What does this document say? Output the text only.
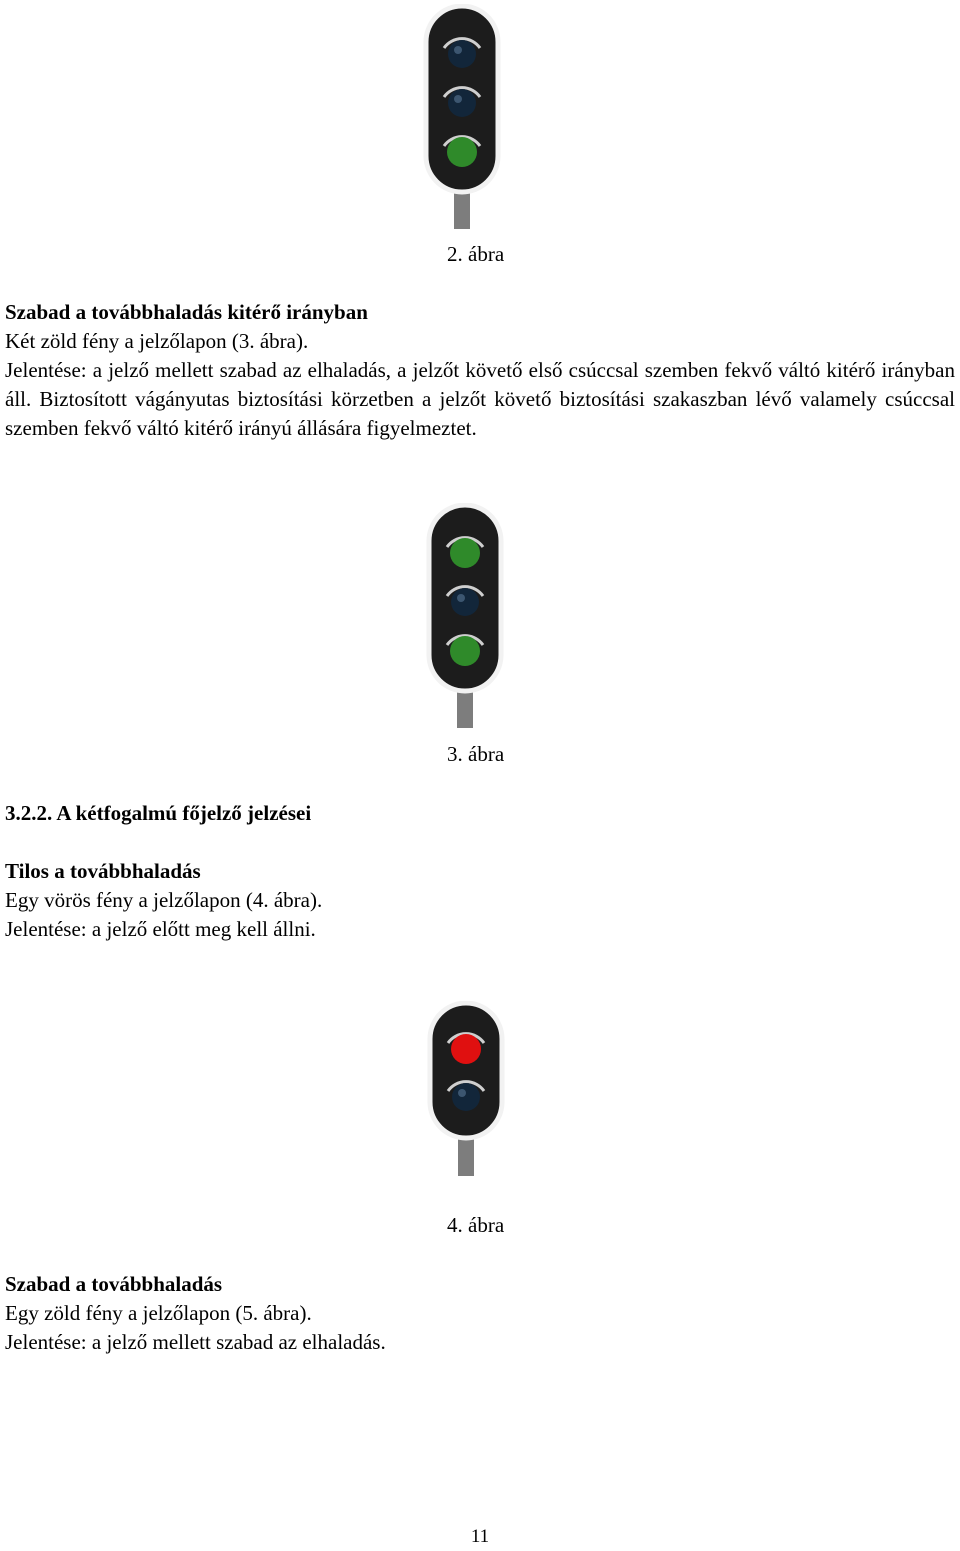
2. ábra

Szabad a továbbhaladás kitérő irányban

Két zöld fény a jelzőlapon (3. ábra).

Jelentése: a jelző mellett szabad az elhaladás, a jelzőt követő első csúccsal szemben fekvő váltó kitérő irányban áll. Biztosított vágányutas biztosítási körzetben a jelzőt követő biztosítási szakaszban lévő valamely csúccsal szemben fekvő váltó kitérő irányú állására figyelmeztet.

3. ábra

3.2.2. A kétfogalmú főjelző jelzései

Tilos a továbbhaladás

Egy vörös fény a jelzőlapon (4. ábra).

Jelentése: a jelző előtt meg kell állni.

4. ábra

Szabad a továbbhaladás

Egy zöld fény a jelzőlapon (5. ábra).

Jelentése: a jelző mellett szabad az elhaladás.

11
